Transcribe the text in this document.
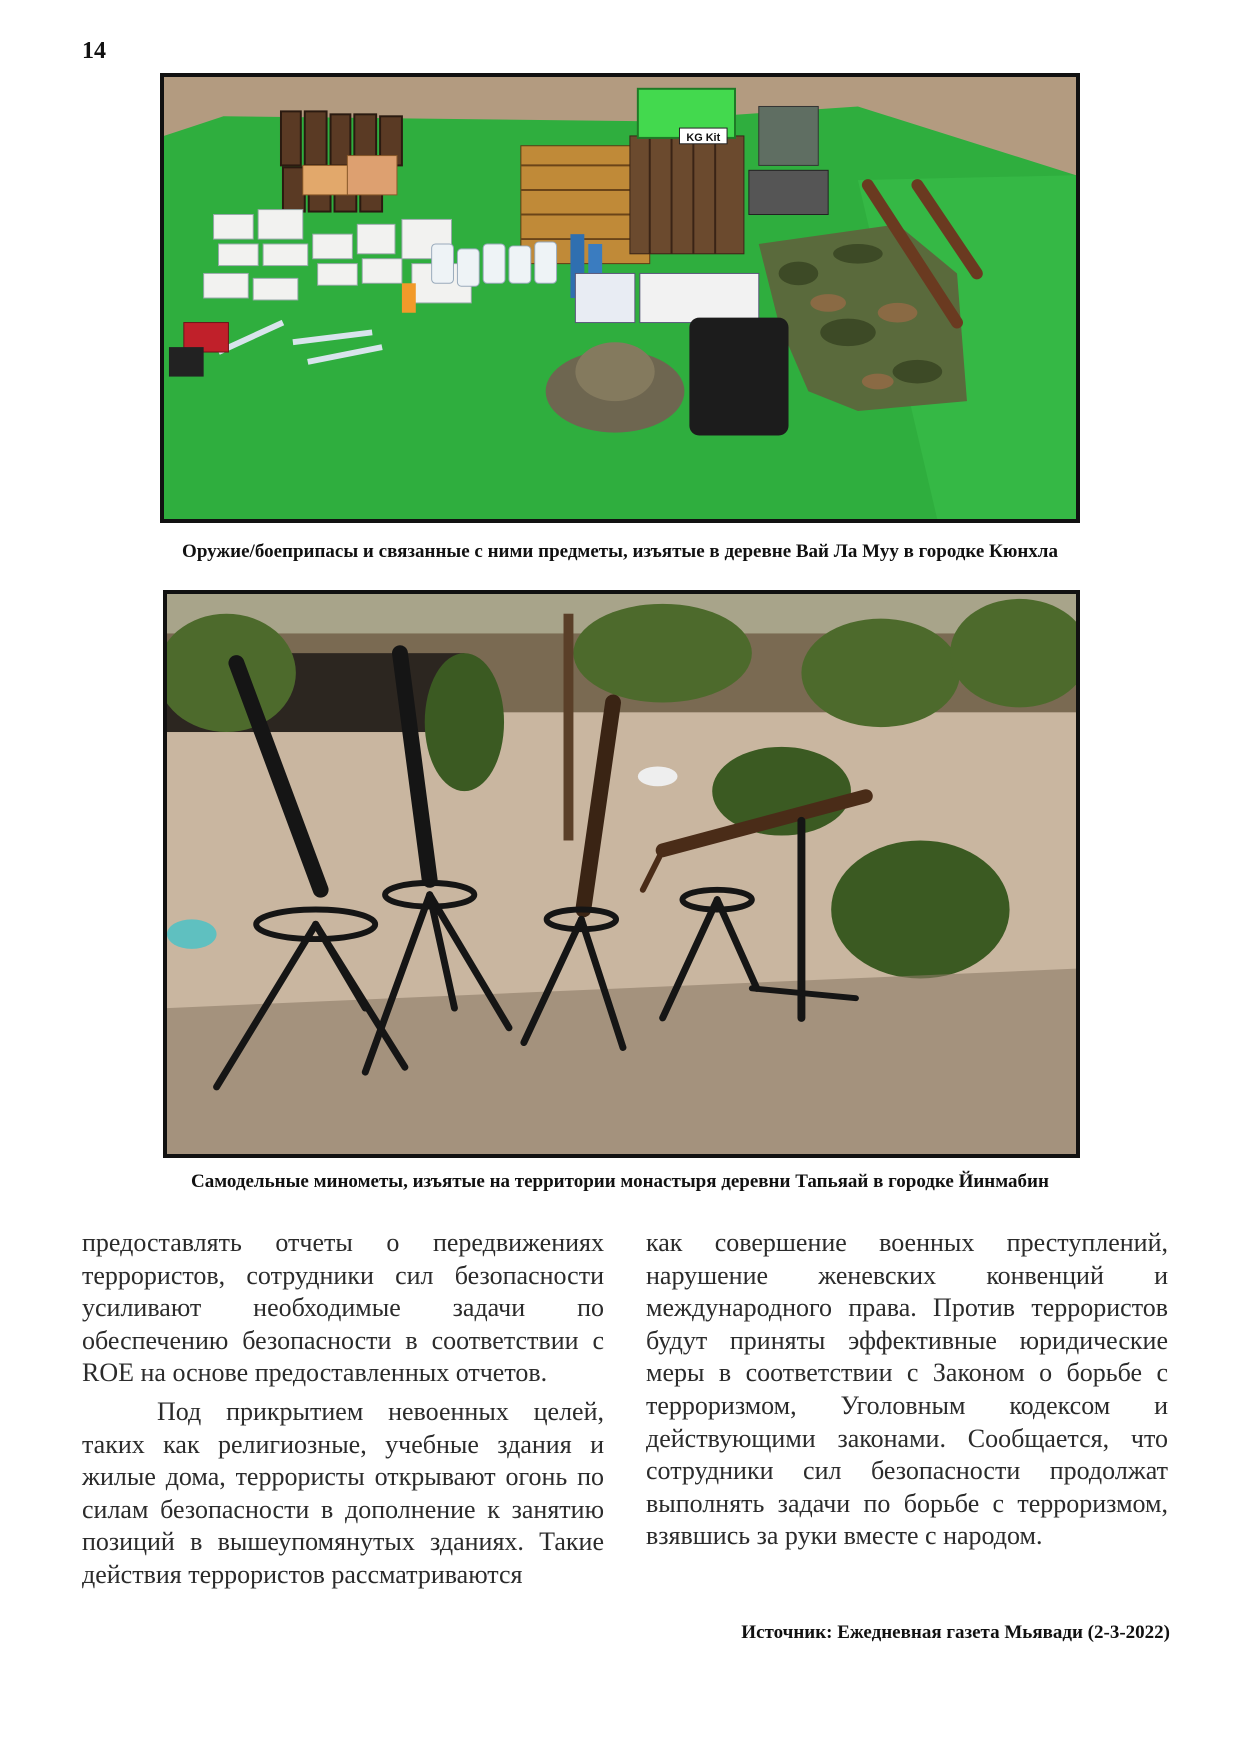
14
KG Kit
Оружие/боеприпасы и связанные с ними предметы, изъятые в деревне Вай Ла Муу в городке Кюнхла
Самодельные минометы, изъятые на территории монастыря деревни Тапьяай в городке Йинмабин

предоставлять отчеты о передвижениях террористов, сотрудники сил безопасности усиливают необходимые задачи по обеспечению безопасности в соответствии с ROE на основе предоставленных отчетов.

Под прикрытием невоенных целей, таких как религиозные, учебные здания и жилые дома, террористы открывают огонь по силам безопасности в дополнение к занятию позиций в вышеупомянутых зданиях. Такие действия террористов рассматриваются

как совершение военных преступлений, нарушение женевских конвенций и международного права. Против террористов будут приняты эффективные юридические меры в соответствии с Законом о борьбе с терроризмом, Уголовным кодексом и действующими законами. Сообщается, что сотрудники сил безопасности продолжат выполнять задачи по борьбе с терроризмом, взявшись за руки вместе с народом.

Источник: Ежедневная газета Мьявади (2-3-2022)
